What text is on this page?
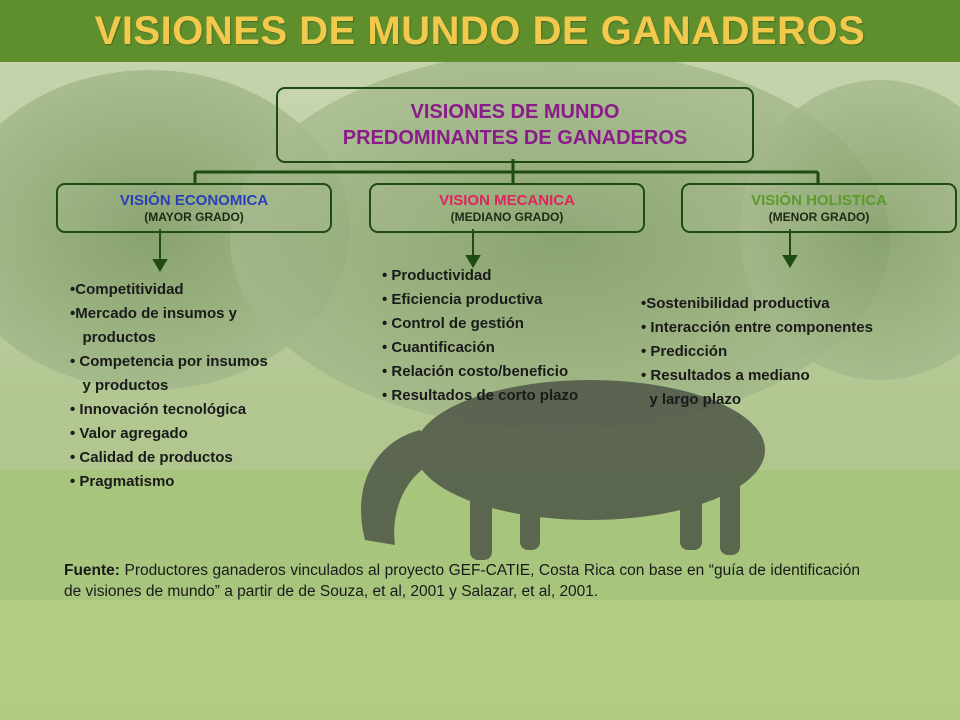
VISIONES DE MUNDO DE GANADEROS
VISIONES DE MUNDO
PREDOMINANTES DE GANADEROS
VISIÓN ECONOMICA
(MAYOR GRADO)
VISION MECANICA
(MEDIANO GRADO)
VISIÓN HOLISTICA
(MENOR GRADO)
•Competitividad
•Mercado de insumos y
productos
• Competencia por insumos
y productos
• Innovación tecnológica
• Valor agregado
• Calidad de productos
• Pragmatismo
• Productividad
• Eficiencia productiva
• Control de gestión
• Cuantificación
• Relación costo/beneficio
• Resultados de corto plazo
•Sostenibilidad productiva
• Interacción entre componentes
• Predicción
• Resultados a mediano
y largo plazo
Fuente: Productores ganaderos vinculados al proyecto GEF-CATIE, Costa Rica con base en “guía de identificación de visiones de mundo” a partir de de Souza, et al, 2001 y Salazar, et al, 2001.
